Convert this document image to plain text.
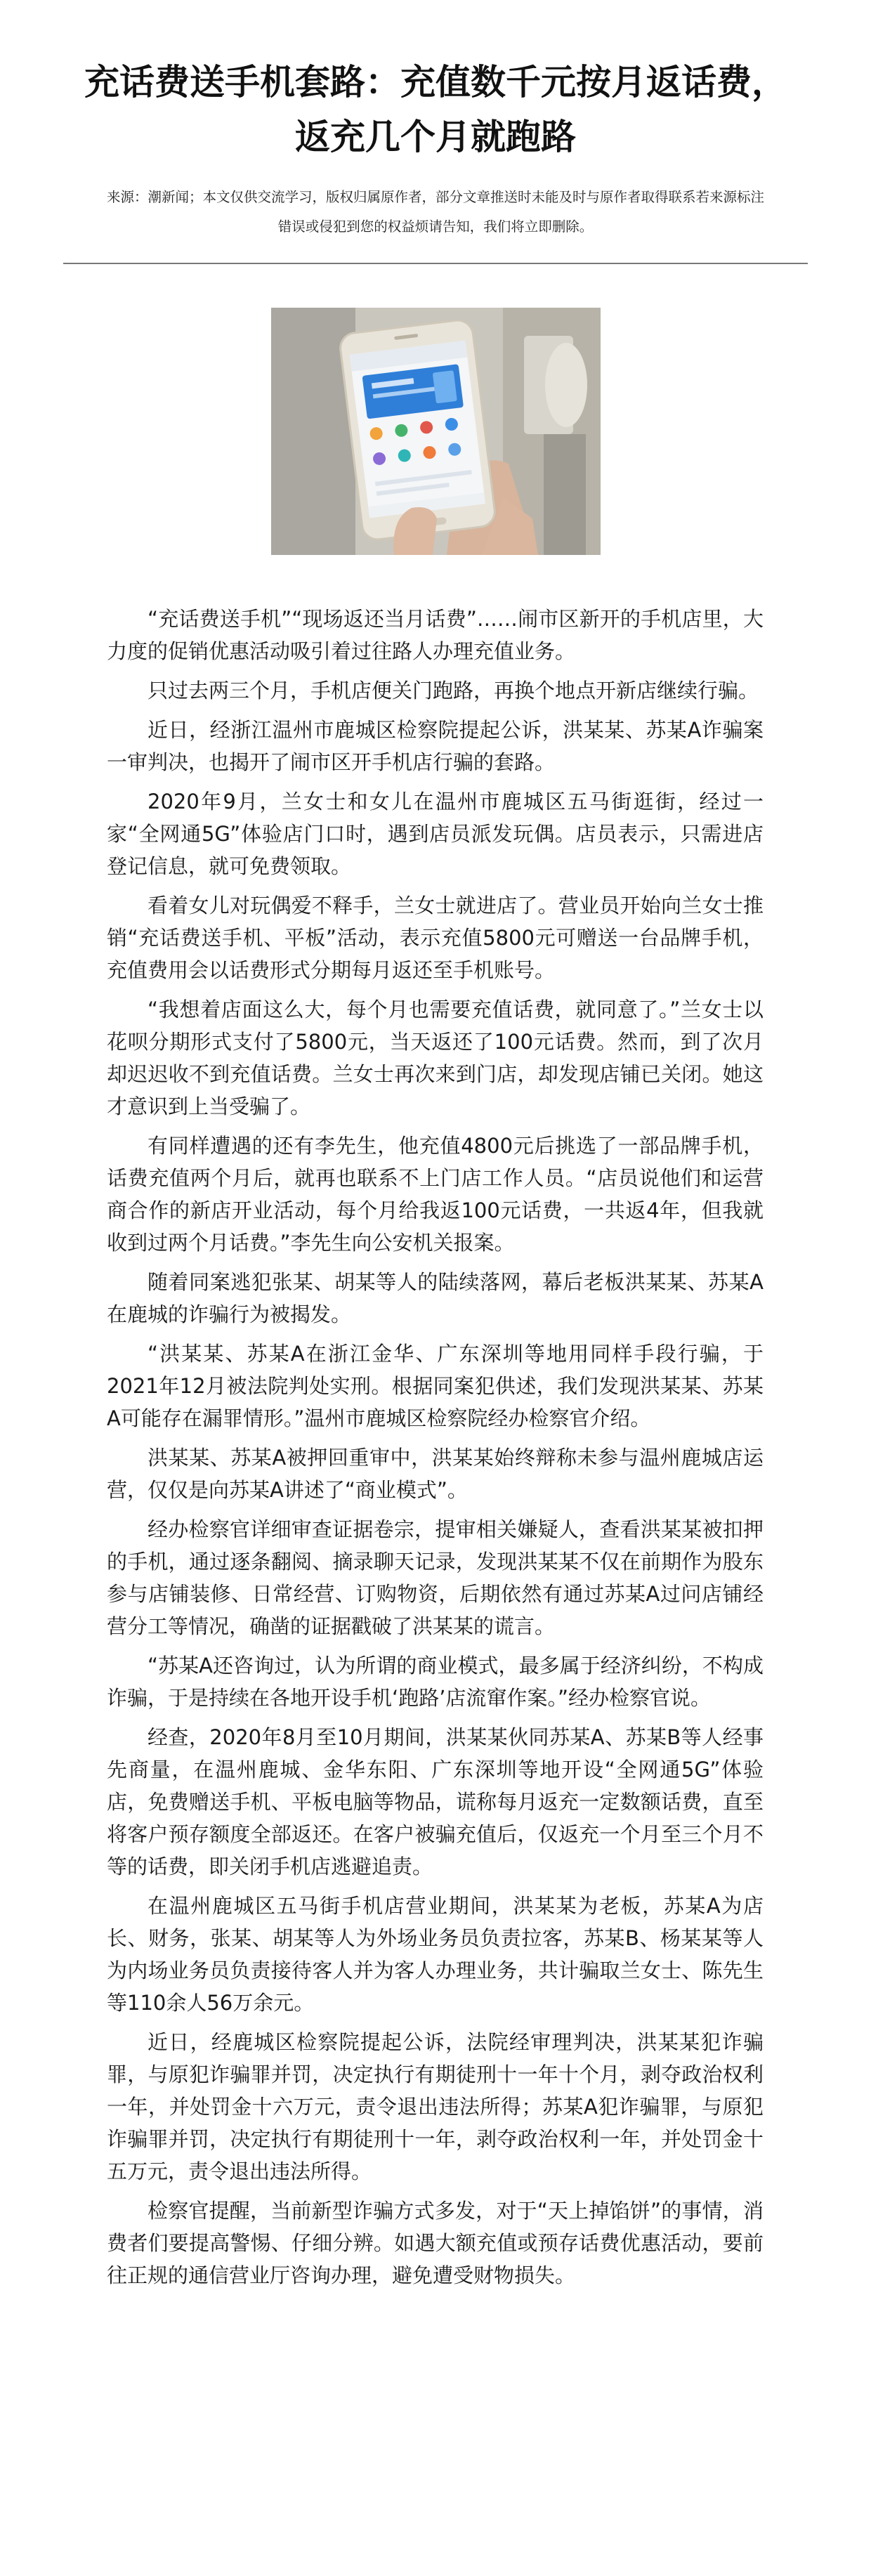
充话费送手机套路：充值数千元按月返话费，返充几个月就跑路

来源：潮新闻；本文仅供交流学习，版权归属原作者，部分文章推送时未能及时与原作者取得联系若来源标注错误或侵犯到您的权益烦请告知，我们将立即删除。

“充话费送手机”“现场返还当月话费”……闹市区新开的手机店里，大力度的促销优惠活动吸引着过往路人办理充值业务。

只过去两三个月，手机店便关门跑路，再换个地点开新店继续行骗。

近日，经浙江温州市鹿城区检察院提起公诉，洪某某、苏某A诈骗案一审判决，也揭开了闹市区开手机店行骗的套路。

2020年9月，兰女士和女儿在温州市鹿城区五马街逛街，经过一家“全网通5G”体验店门口时，遇到店员派发玩偶。店员表示，只需进店登记信息，就可免费领取。

看着女儿对玩偶爱不释手，兰女士就进店了。营业员开始向兰女士推销“充话费送手机、平板”活动，表示充值5800元可赠送一台品牌手机，充值费用会以话费形式分期每月返还至手机账号。

“我想着店面这么大，每个月也需要充值话费，就同意了。”兰女士以花呗分期形式支付了5800元，当天返还了100元话费。然而，到了次月却迟迟收不到充值话费。兰女士再次来到门店，却发现店铺已关闭。她这才意识到上当受骗了。

有同样遭遇的还有李先生，他充值4800元后挑选了一部品牌手机，话费充值两个月后，就再也联系不上门店工作人员。“店员说他们和运营商合作的新店开业活动，每个月给我返100元话费，一共返4年，但我就收到过两个月话费。”李先生向公安机关报案。

随着同案逃犯张某、胡某等人的陆续落网，幕后老板洪某某、苏某A在鹿城的诈骗行为被揭发。

“洪某某、苏某A在浙江金华、广东深圳等地用同样手段行骗，于2021年12月被法院判处实刑。根据同案犯供述，我们发现洪某某、苏某A可能存在漏罪情形。”温州市鹿城区检察院经办检察官介绍。

洪某某、苏某A被押回重审中，洪某某始终辩称未参与温州鹿城店运营，仅仅是向苏某A讲述了“商业模式”。

经办检察官详细审查证据卷宗，提审相关嫌疑人，查看洪某某被扣押的手机，通过逐条翻阅、摘录聊天记录，发现洪某某不仅在前期作为股东参与店铺装修、日常经营、订购物资，后期依然有通过苏某A过问店铺经营分工等情况，确凿的证据戳破了洪某某的谎言。

“苏某A还咨询过，认为所谓的商业模式，最多属于经济纠纷，不构成诈骗，于是持续在各地开设手机‘跑路’店流窜作案。”经办检察官说。

经查，2020年8月至10月期间，洪某某伙同苏某A、苏某B等人经事先商量，在温州鹿城、金华东阳、广东深圳等地开设“全网通5G”体验店，免费赠送手机、平板电脑等物品，谎称每月返充一定数额话费，直至将客户预存额度全部返还。在客户被骗充值后，仅返充一个月至三个月不等的话费，即关闭手机店逃避追责。

在温州鹿城区五马街手机店营业期间，洪某某为老板，苏某A为店长、财务，张某、胡某等人为外场业务员负责拉客，苏某B、杨某某等人为内场业务员负责接待客人并为客人办理业务，共计骗取兰女士、陈先生等110余人56万余元。

近日，经鹿城区检察院提起公诉，法院经审理判决，洪某某犯诈骗罪，与原犯诈骗罪并罚，决定执行有期徒刑十一年十个月，剥夺政治权利一年，并处罚金十六万元，责令退出违法所得；苏某A犯诈骗罪，与原犯诈骗罪并罚，决定执行有期徒刑十一年，剥夺政治权利一年，并处罚金十五万元，责令退出违法所得。

检察官提醒，当前新型诈骗方式多发，对于“天上掉馅饼”的事情，消费者们要提高警惕、仔细分辨。如遇大额充值或预存话费优惠活动，要前往正规的通信营业厅咨询办理，避免遭受财物损失。
